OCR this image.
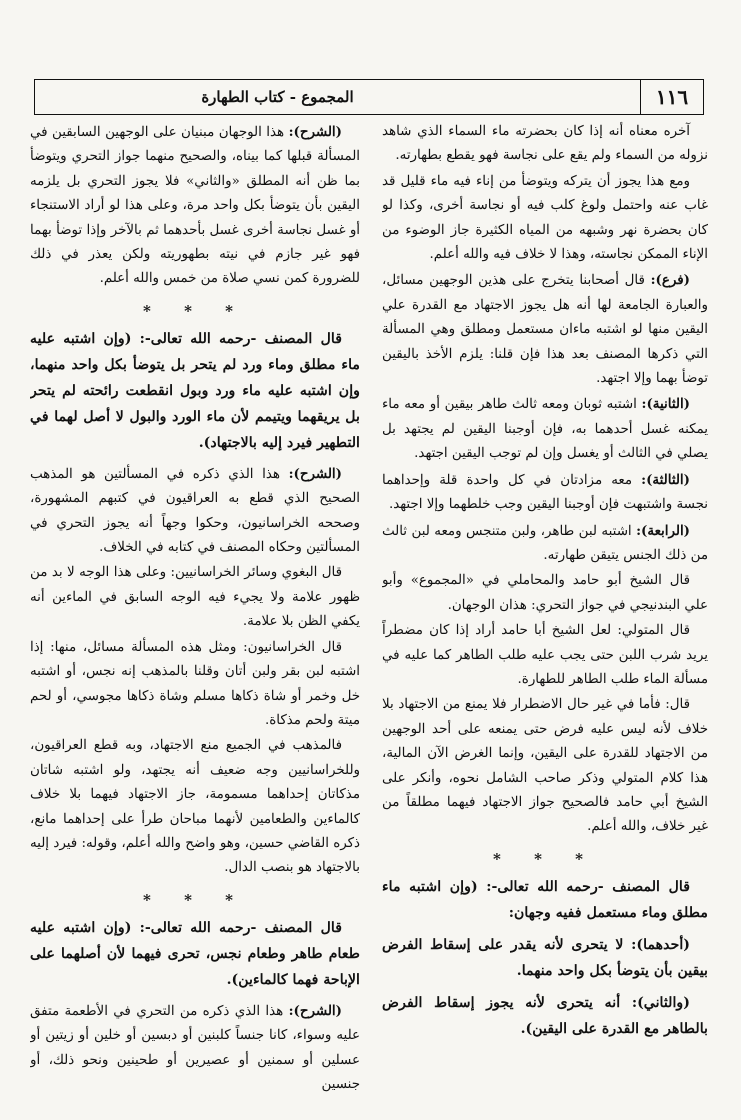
١١٦
المجموع - كتاب الطهارة
آخره معناه أنه إذا كان بحضرته ماء السماء الذي شاهد نزوله من السماء ولم يقع على نجاسة فهو يقطع بطهارته.
ومع هذا يجوز أن يتركه ويتوضأ من إناء فيه ماء قليل قد غاب عنه واحتمل ولوغ كلب فيه أو نجاسة أخرى، وكذا لو كان بحضرة نهر وشبهه من المياه الكثيرة جاز الوضوء من الإناء الممكن نجاسته، وهذا لا خلاف فيه والله أعلم.
(فرع): قال أصحابنا يتخرج على هذين الوجهين مسائل، والعبارة الجامعة لها أنه هل يجوز الاجتهاد مع القدرة علي اليقين منها لو اشتبه ماءان مستعمل ومطلق وهي المسألة التي ذكرها المصنف بعد هذا فإن قلنا: يلزم الأخذ باليقين توضأ بهما وإلا اجتهد.
(الثانية): اشتبه ثوبان ومعه ثالث طاهر بيقين أو معه ماء يمكنه غسل أحدهما به، فإن أوجبنا اليقين لم يجتهد بل يصلي في الثالث أو يغسل وإن لم توجب اليقين اجتهد.
(الثالثة): معه مزادتان في كل واحدة قلة وإحداهما نجسة واشتبهت فإن أوجبنا اليقين وجب خلطهما وإلا اجتهد.
(الرابعة): اشتبه لبن طاهر، ولبن متنجس ومعه لبن ثالث من ذلك الجنس يتيقن طهارته.
قال الشيخ أبو حامد والمحاملي في «المجموع» وأبو علي البندنيجي في جواز التحري: هذان الوجهان.
قال المتولي: لعل الشيخ أبا حامد أراد إذا كان مضطراً يريد شرب اللبن حتى يجب عليه طلب الطاهر كما عليه في مسألة الماء طلب الطاهر للطهارة.
قال: فأما في غير حال الاضطرار فلا يمنع من الاجتهاد بلا خلاف لأنه ليس عليه فرض حتى يمنعه على أحد الوجهين من الاجتهاد للقدرة على اليقين، وإنما الغرض الآن المالية، هذا كلام المتولي وذكر صاحب الشامل نحوه، وأنكر على الشيخ أبي حامد فالصحيح جواز الاجتهاد فيهما مطلقاً من غير خلاف، والله أعلم.
* * *
قال المصنف -رحمه الله تعالى-: (وإن اشتبه ماء مطلق وماء مستعمل ففيه وجهان:
(أحدهما): لا يتحرى لأنه يقدر على إسقاط الفرض بيقين بأن يتوضأ بكل واحد منهما.
(والثاني): أنه يتحرى لأنه يجوز إسقاط الفرض بالطاهر مع القدرة على اليقين).
(الشرح): هذا الوجهان مبنيان على الوجهين السابقين في المسألة قبلها كما بيناه، والصحيح منهما جواز التحري ويتوضأ بما ظن أنه المطلق «والثاني» فلا يجوز التحري بل يلزمه اليقين بأن يتوضأ بكل واحد مرة، وعلى هذا لو أراد الاستنجاء أو غسل نجاسة أخرى غسل بأحدهما ثم بالآخر وإذا توضأ بهما فهو غير جازم في نيته بطهوريته ولكن يعذر في ذلك للضرورة كمن نسي صلاة من خمس والله أعلم.
* * *
قال المصنف -رحمه الله تعالى-: (وإن اشتبه عليه ماء مطلق وماء ورد لم يتحر بل يتوضأ بكل واحد منهما، وإن اشتبه عليه ماء ورد وبول انقطعت رائحته لم يتحر بل يريقهما ويتيمم لأن ماء الورد والبول لا أصل لهما في التطهير فيرد إليه بالاجتهاد).
(الشرح): هذا الذي ذكره في المسألتين هو المذهب الصحيح الذي قطع به العراقيون في كتبهم المشهورة، وصححه الخراسانيون، وحكوا وجهاً أنه يجوز التحري في المسألتين وحكاه المصنف في كتابه في الخلاف.
قال البغوي وسائر الخراسانيين: وعلى هذا الوجه لا بد من ظهور علامة ولا يجيء فيه الوجه السابق في الماءين أنه يكفي الظن بلا علامة.
قال الخراسانيون: ومثل هذه المسألة مسائل، منها: إذا اشتبه لبن بقر ولبن أتان وقلنا بالمذهب إنه نجس، أو اشتبه خل وخمر أو شاة ذكاها مسلم وشاة ذكاها مجوسي، أو لحم ميتة ولحم مذكاة.
فالمذهب في الجميع منع الاجتهاد، وبه قطع العراقيون، وللخراسانيين وجه ضعيف أنه يجتهد، ولو اشتبه شاتان مذكاتان إحداهما مسمومة، جاز الاجتهاد فيهما بلا خلاف كالماءين والطعامين لأنهما مباحان طرأ على إحداهما مانع، ذكره القاضي حسين، وهو واضح والله أعلم، وقوله: فيرد إليه بالاجتهاد هو بنصب الدال.
* * *
قال المصنف -رحمه الله تعالى-: (وإن اشتبه عليه طعام طاهر وطعام نجس، تحرى فيهما لأن أصلهما على الإباحة فهما كالماءين).
(الشرح): هذا الذي ذكره من التحري في الأطعمة متفق عليه وسواء، كانا جنساً كلبنين أو دبسين أو خلين أو زيتين أو عسلين أو سمنين أو عصيرين أو طحينين ونحو ذلك، أو جنسين
